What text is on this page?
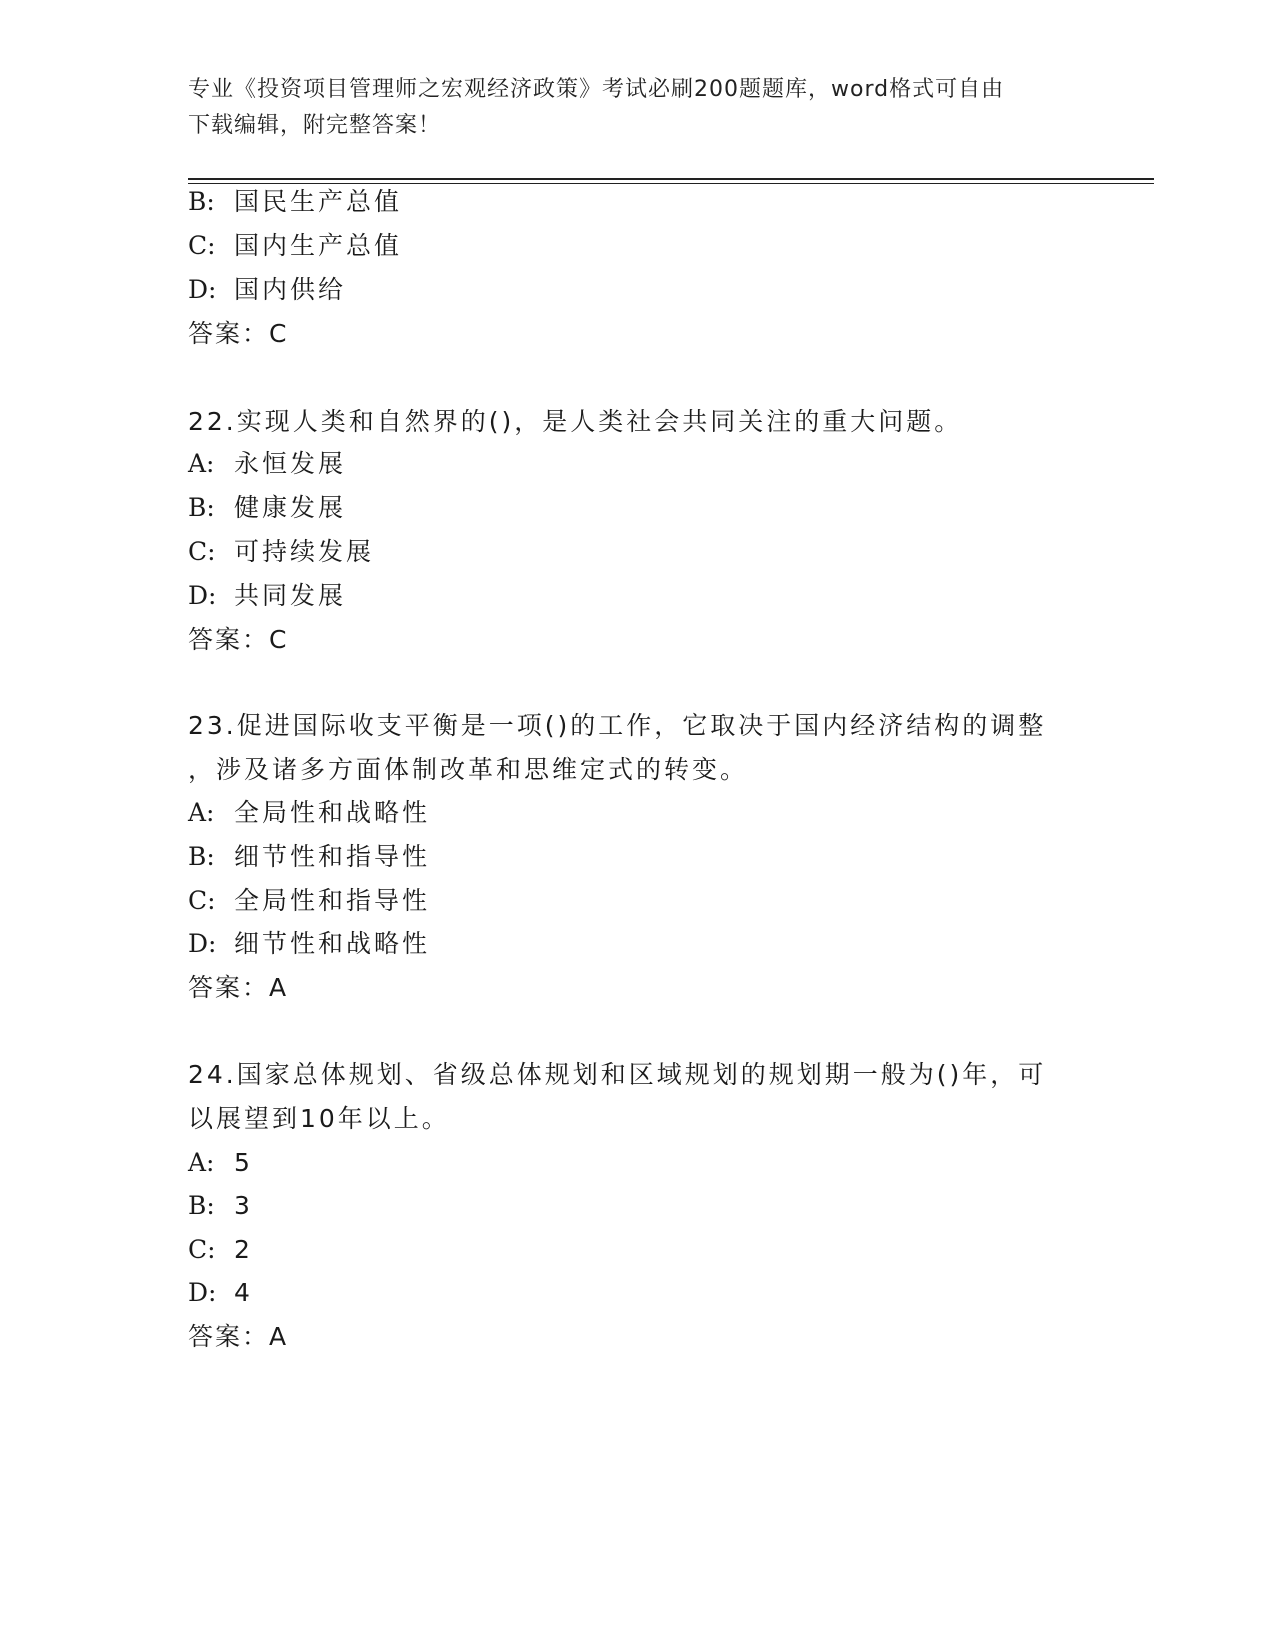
专业《投资项目管理师之宏观经济政策》考试必刷200题题库，word格式可自由
下载编辑，附完整答案！
B: 国民生产总值
C: 国内生产总值
D: 国内供给
答案：C
22.实现人类和自然界的()，是人类社会共同关注的重大问题。
A: 永恒发展
B: 健康发展
C: 可持续发展
D: 共同发展
答案：C
23.促进国际收支平衡是一项()的工作，它取决于国内经济结构的调整
，涉及诸多方面体制改革和思维定式的转变。
A: 全局性和战略性
B: 细节性和指导性
C: 全局性和指导性
D: 细节性和战略性
答案：A
24.国家总体规划、省级总体规划和区域规划的规划期一般为()年，可
以展望到10年以上。
A: 5
B: 3
C: 2
D: 4
答案：A
